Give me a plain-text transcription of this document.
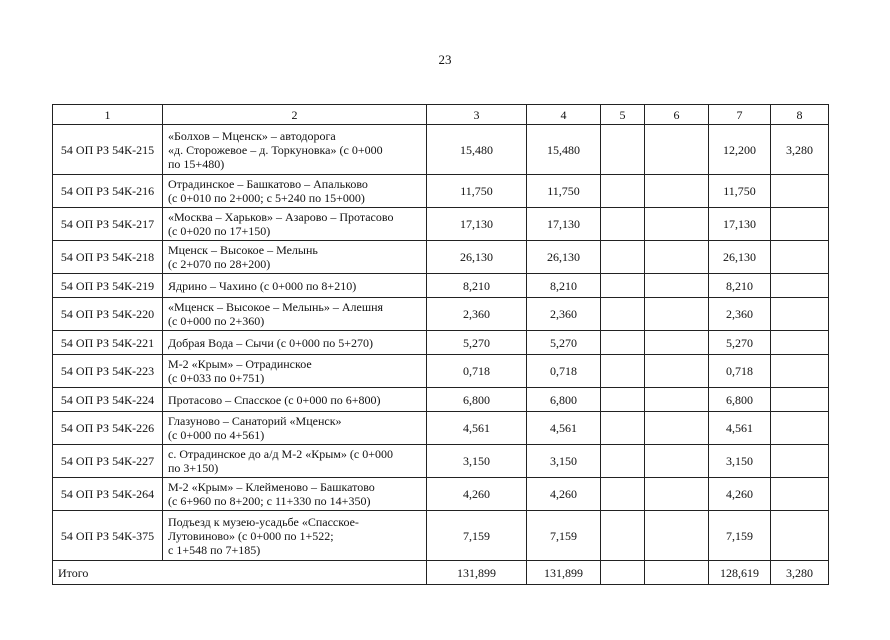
23
1	2	3	4	5	6	7	8
54 ОП РЗ 54К-215	«Болхов – Мценск» – автодорога
«д. Сторожевое – д. Торкуновка» (с 0+000
по 15+480)	15,480	15,480			12,200	3,280
54 ОП РЗ 54К-216	Отрадинское – Башкатово – Апальково
(с 0+010 по 2+000; с 5+240 по 15+000)	11,750	11,750			11,750	
54 ОП РЗ 54К-217	«Москва – Харьков» – Азарово – Протасово
(с 0+020 по 17+150)	17,130	17,130			17,130	
54 ОП РЗ 54К-218	Мценск – Высокое – Мелынь
(с 2+070 по 28+200)	26,130	26,130			26,130	
54 ОП РЗ 54К-219	Ядрино – Чахино (с 0+000 по 8+210)	8,210	8,210			8,210	
54 ОП РЗ 54К-220	«Мценск – Высокое – Мелынь» – Алешня
(с 0+000 по 2+360)	2,360	2,360			2,360	
54 ОП РЗ 54К-221	Добрая Вода – Сычи (с 0+000 по 5+270)	5,270	5,270			5,270	
54 ОП РЗ 54К-223	М-2 «Крым» – Отрадинское
(с 0+033 по 0+751)	0,718	0,718			0,718	
54 ОП РЗ 54К-224	Протасово – Спасское (с 0+000 по 6+800)	6,800	6,800			6,800	
54 ОП РЗ 54К-226	Глазуново – Санаторий «Мценск»
(с 0+000 по 4+561)	4,561	4,561			4,561	
54 ОП РЗ 54К-227	с. Отрадинское до а/д М-2 «Крым» (с 0+000
по 3+150)	3,150	3,150			3,150	
54 ОП РЗ 54К-264	М-2 «Крым» – Клейменово – Башкатово
(с 6+960 по 8+200; с 11+330 по 14+350)	4,260	4,260			4,260	
54 ОП РЗ 54К-375	Подъезд к музею-усадьбе «Спасское-
Лутовиново» (с 0+000 по 1+522;
с 1+548 по 7+185)	7,159	7,159			7,159	
Итого		131,899	131,899			128,619	3,280
